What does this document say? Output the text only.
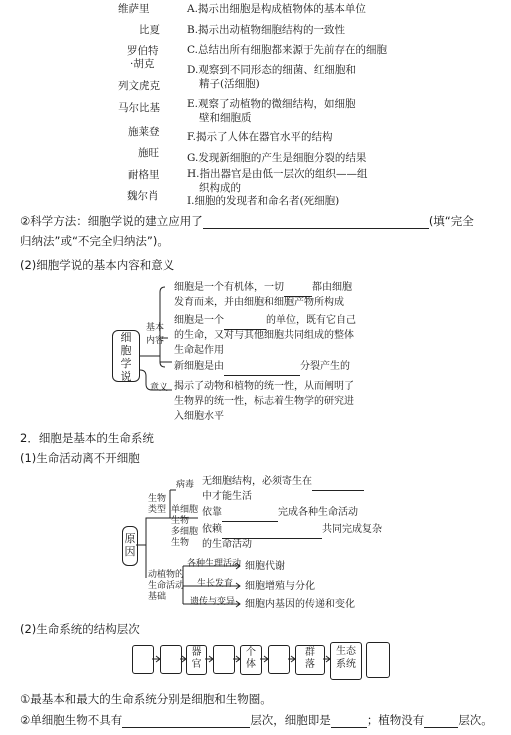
维萨里
比夏
罗伯特
·胡克
列文虎克
马尔比基
施莱登
施旺
耐格里
魏尔肖
A.揭示出细胞是构成植物体的基本单位
B.揭示出动植物细胞结构的一致性
C.总结出所有细胞都来源于先前存在的细胞
D.观察到不同形态的细菌、红细胞和
精子(活细胞)
E.观察了动植物的微细结构，如细胞
壁和细胞质
F.揭示了人体在器官水平的结构
G.发现新细胞的产生是细胞分裂的结果
H.指出器官是由低一层次的组织——组
织构成的
I.细胞的发现者和命名者(死细胞)
②科学方法：细胞学说的建立应用了	(填“完全
归纳法”或“不完全归纳法”)。
(2)细胞学说的基本内容和意义
细
胞
学
说
基本
内容
意义
细胞是一个有机体，一切	都由细胞
发育而来，并由细胞和细胞产物所构成
细胞是一个	的单位，既有它自己
的生命，又对与其他细胞共同组成的整体
生命起作用
新细胞是由	分裂产生的
揭示了动物和植物的统一性，从而阐明了
生物界的统一性，标志着生物学的研究进
入细胞水平
2．细胞是基本的生命系统
(1)生命活动离不开细胞
原
因
生物
类型
病毒 无细胞结构，必须寄生在
中才能生活
单细胞
生物
依靠	完成各种生命活动
多细胞
生物
依赖	共同完成复杂
的生命活动
动植物的
生命活动
基础
各种生理活动 细胞代谢
生长发育 细胞增殖与分化
遗传与变异 细胞内基因的传递和变化
(2)生命系统的结构层次
器官
个体
群落
生态系统
①最基本和最大的生命系统分别是细胞和生物圈。
②单细胞生物不具有	层次，细胞即是	；植物没有	层次。
